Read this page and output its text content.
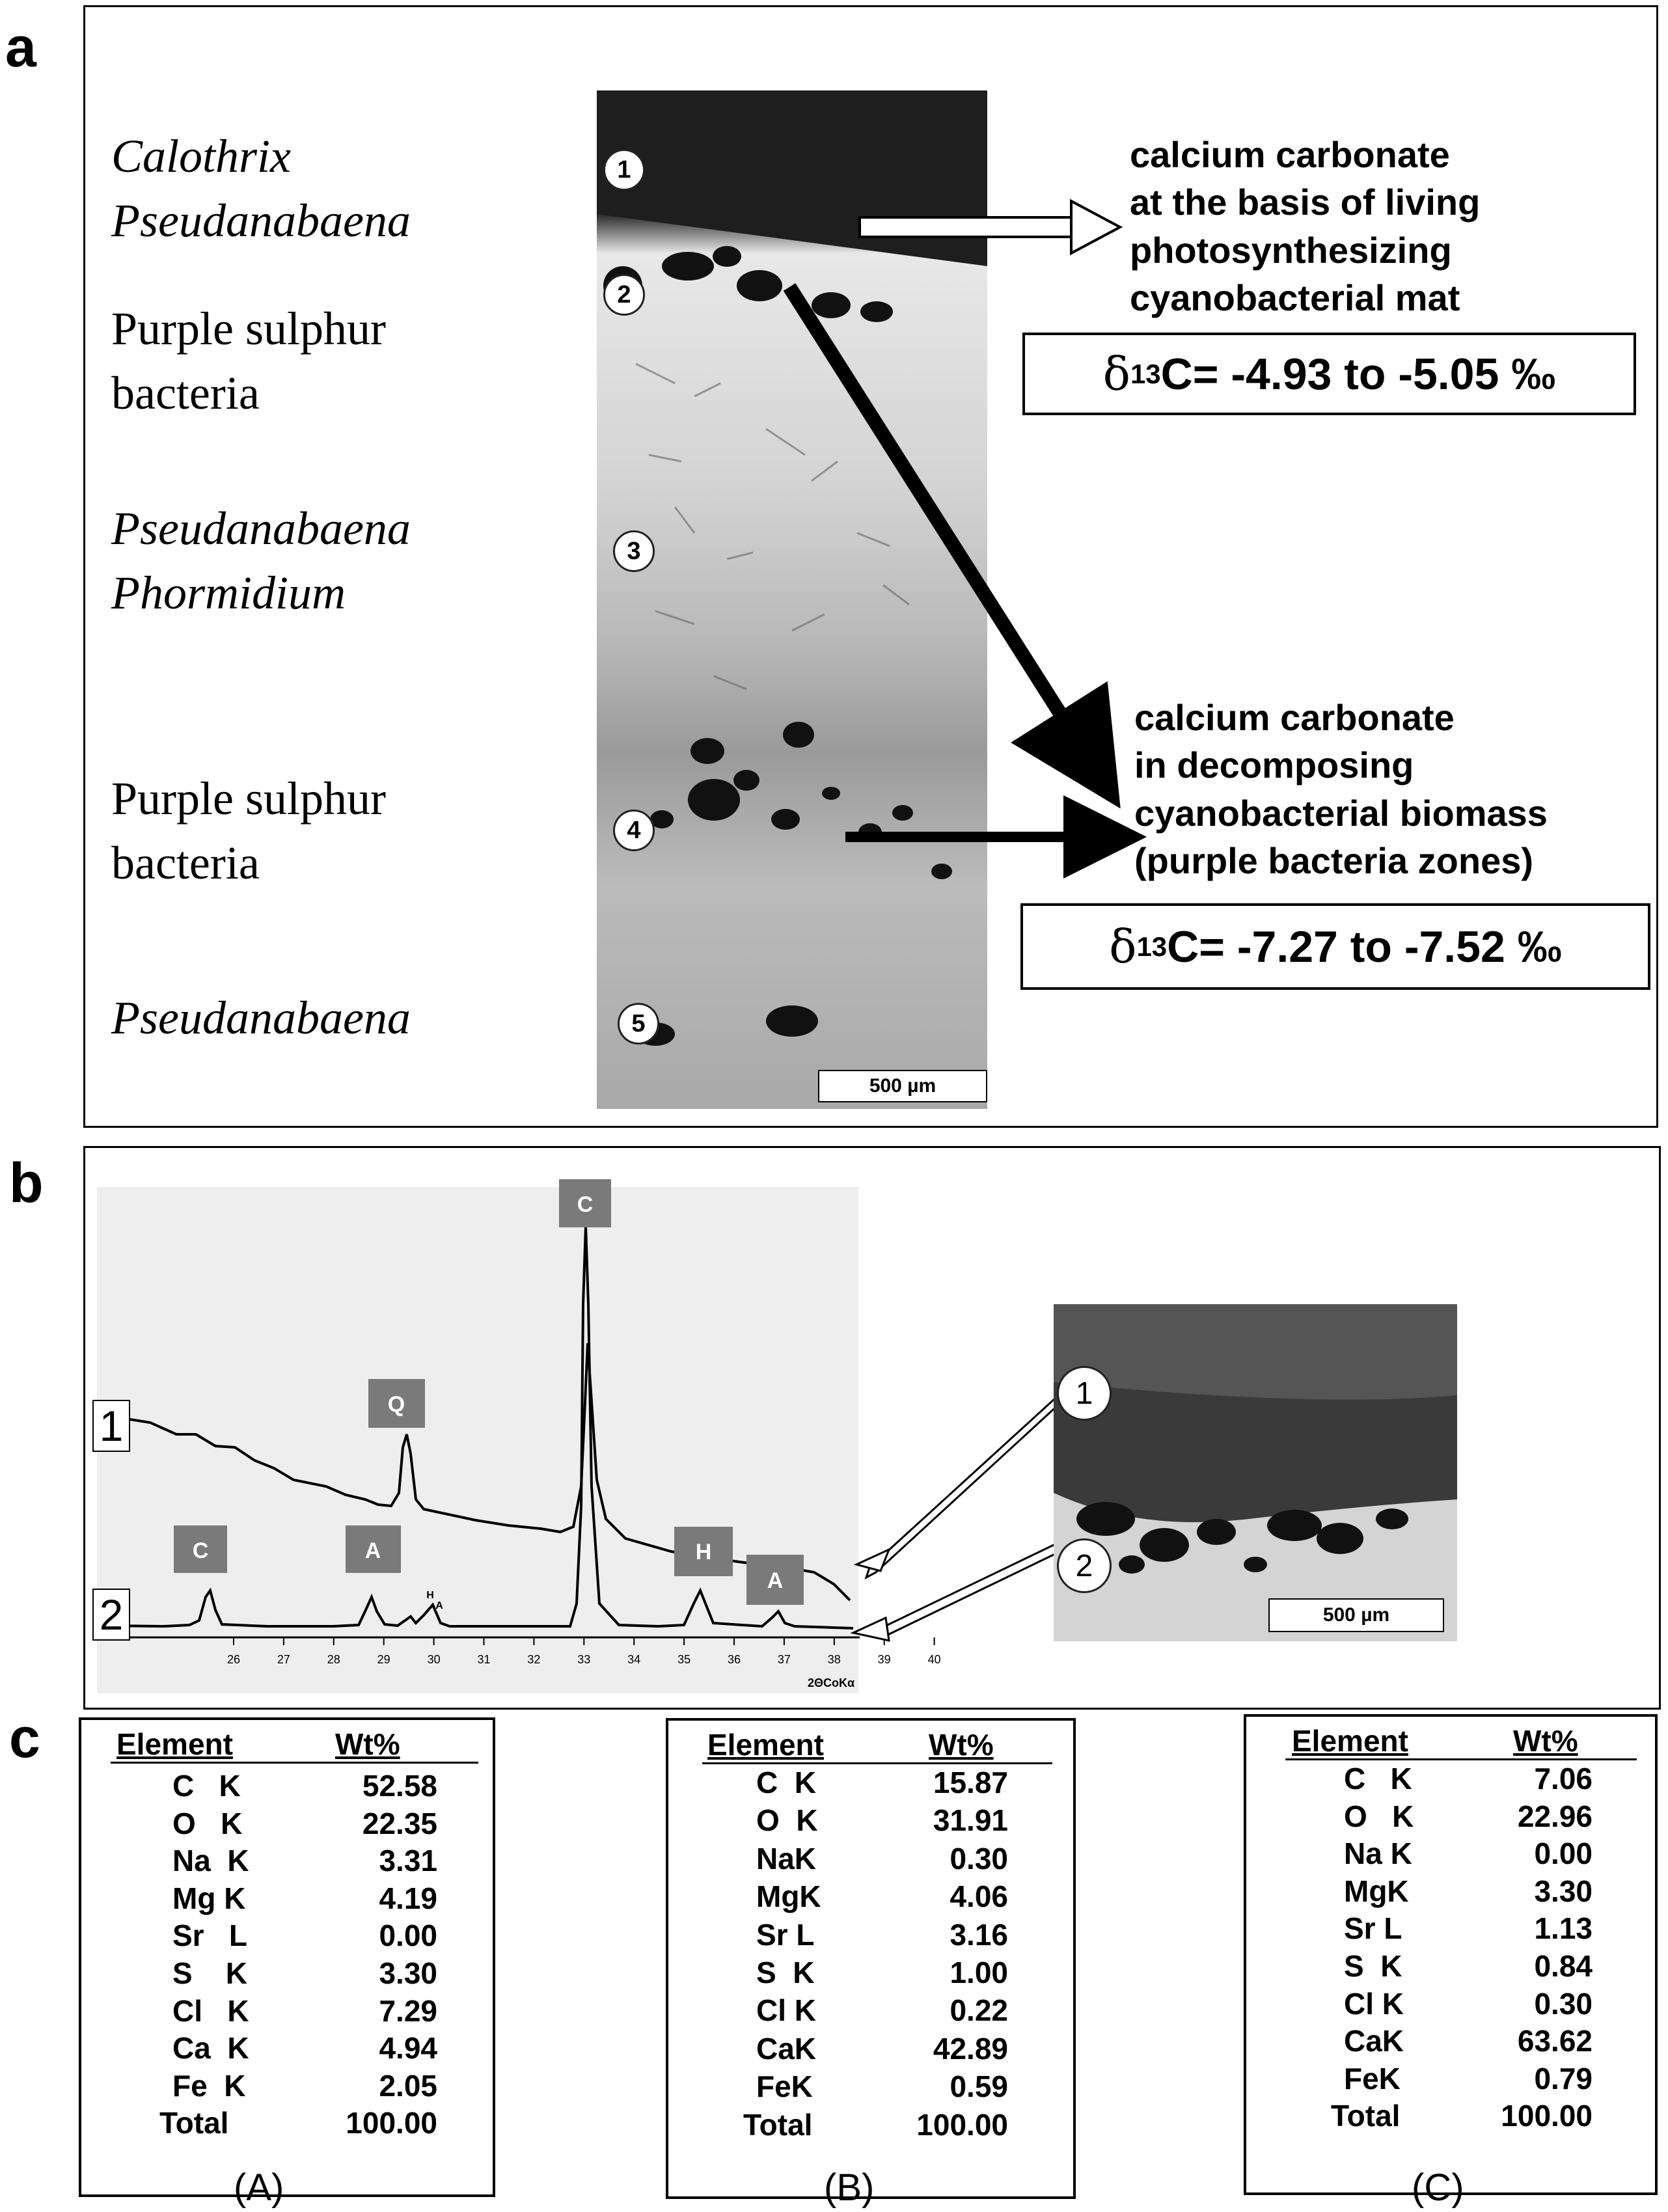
a
b
c
Calothrix
Pseudanabaena
Purple sulphur
bacteria
Pseudanabaena
Phormidium
Purple sulphur
bacteria
Pseudanabaena
1
2
3
4
5
500 µm
calcium carbonate
at the basis of living
photosynthesizing
cyanobacterial mat
δ 13 C= -4.93 to -5.05 ‰
calcium carbonate
in decomposing
cyanobacterial biomass
(purple bacteria zones)
δ 13 C= -7.27 to -7.52 ‰
26	27	28	29	30	31	32	33	34	35	36	37	38	39	40
2ΘCoKα
C
Q
C	A
H
A
H
A
1
2
1
2
500 µm
Element	Wt%
C   K	52.58
O   K	22.35
Na  K	3.31
Mg K	4.19
Sr   L	0.00
S    K	3.30
Cl   K	7.29
Ca  K	4.94
Fe  K	2.05
Total	100.00
Element	Wt%
C  K	15.87
O  K	31.91
NaK	0.30
MgK	4.06
Sr L	3.16
S  K	1.00
Cl K	0.22
CaK	42.89
FeK	0.59
Total	100.00
Element	Wt%
C   K	7.06
O   K	22.96
Na K	0.00
MgK	3.30
Sr L	1.13
S  K	0.84
Cl K	0.30
CaK	63.62
FeK	0.79
Total	100.00
(A)	(B)	(C)
